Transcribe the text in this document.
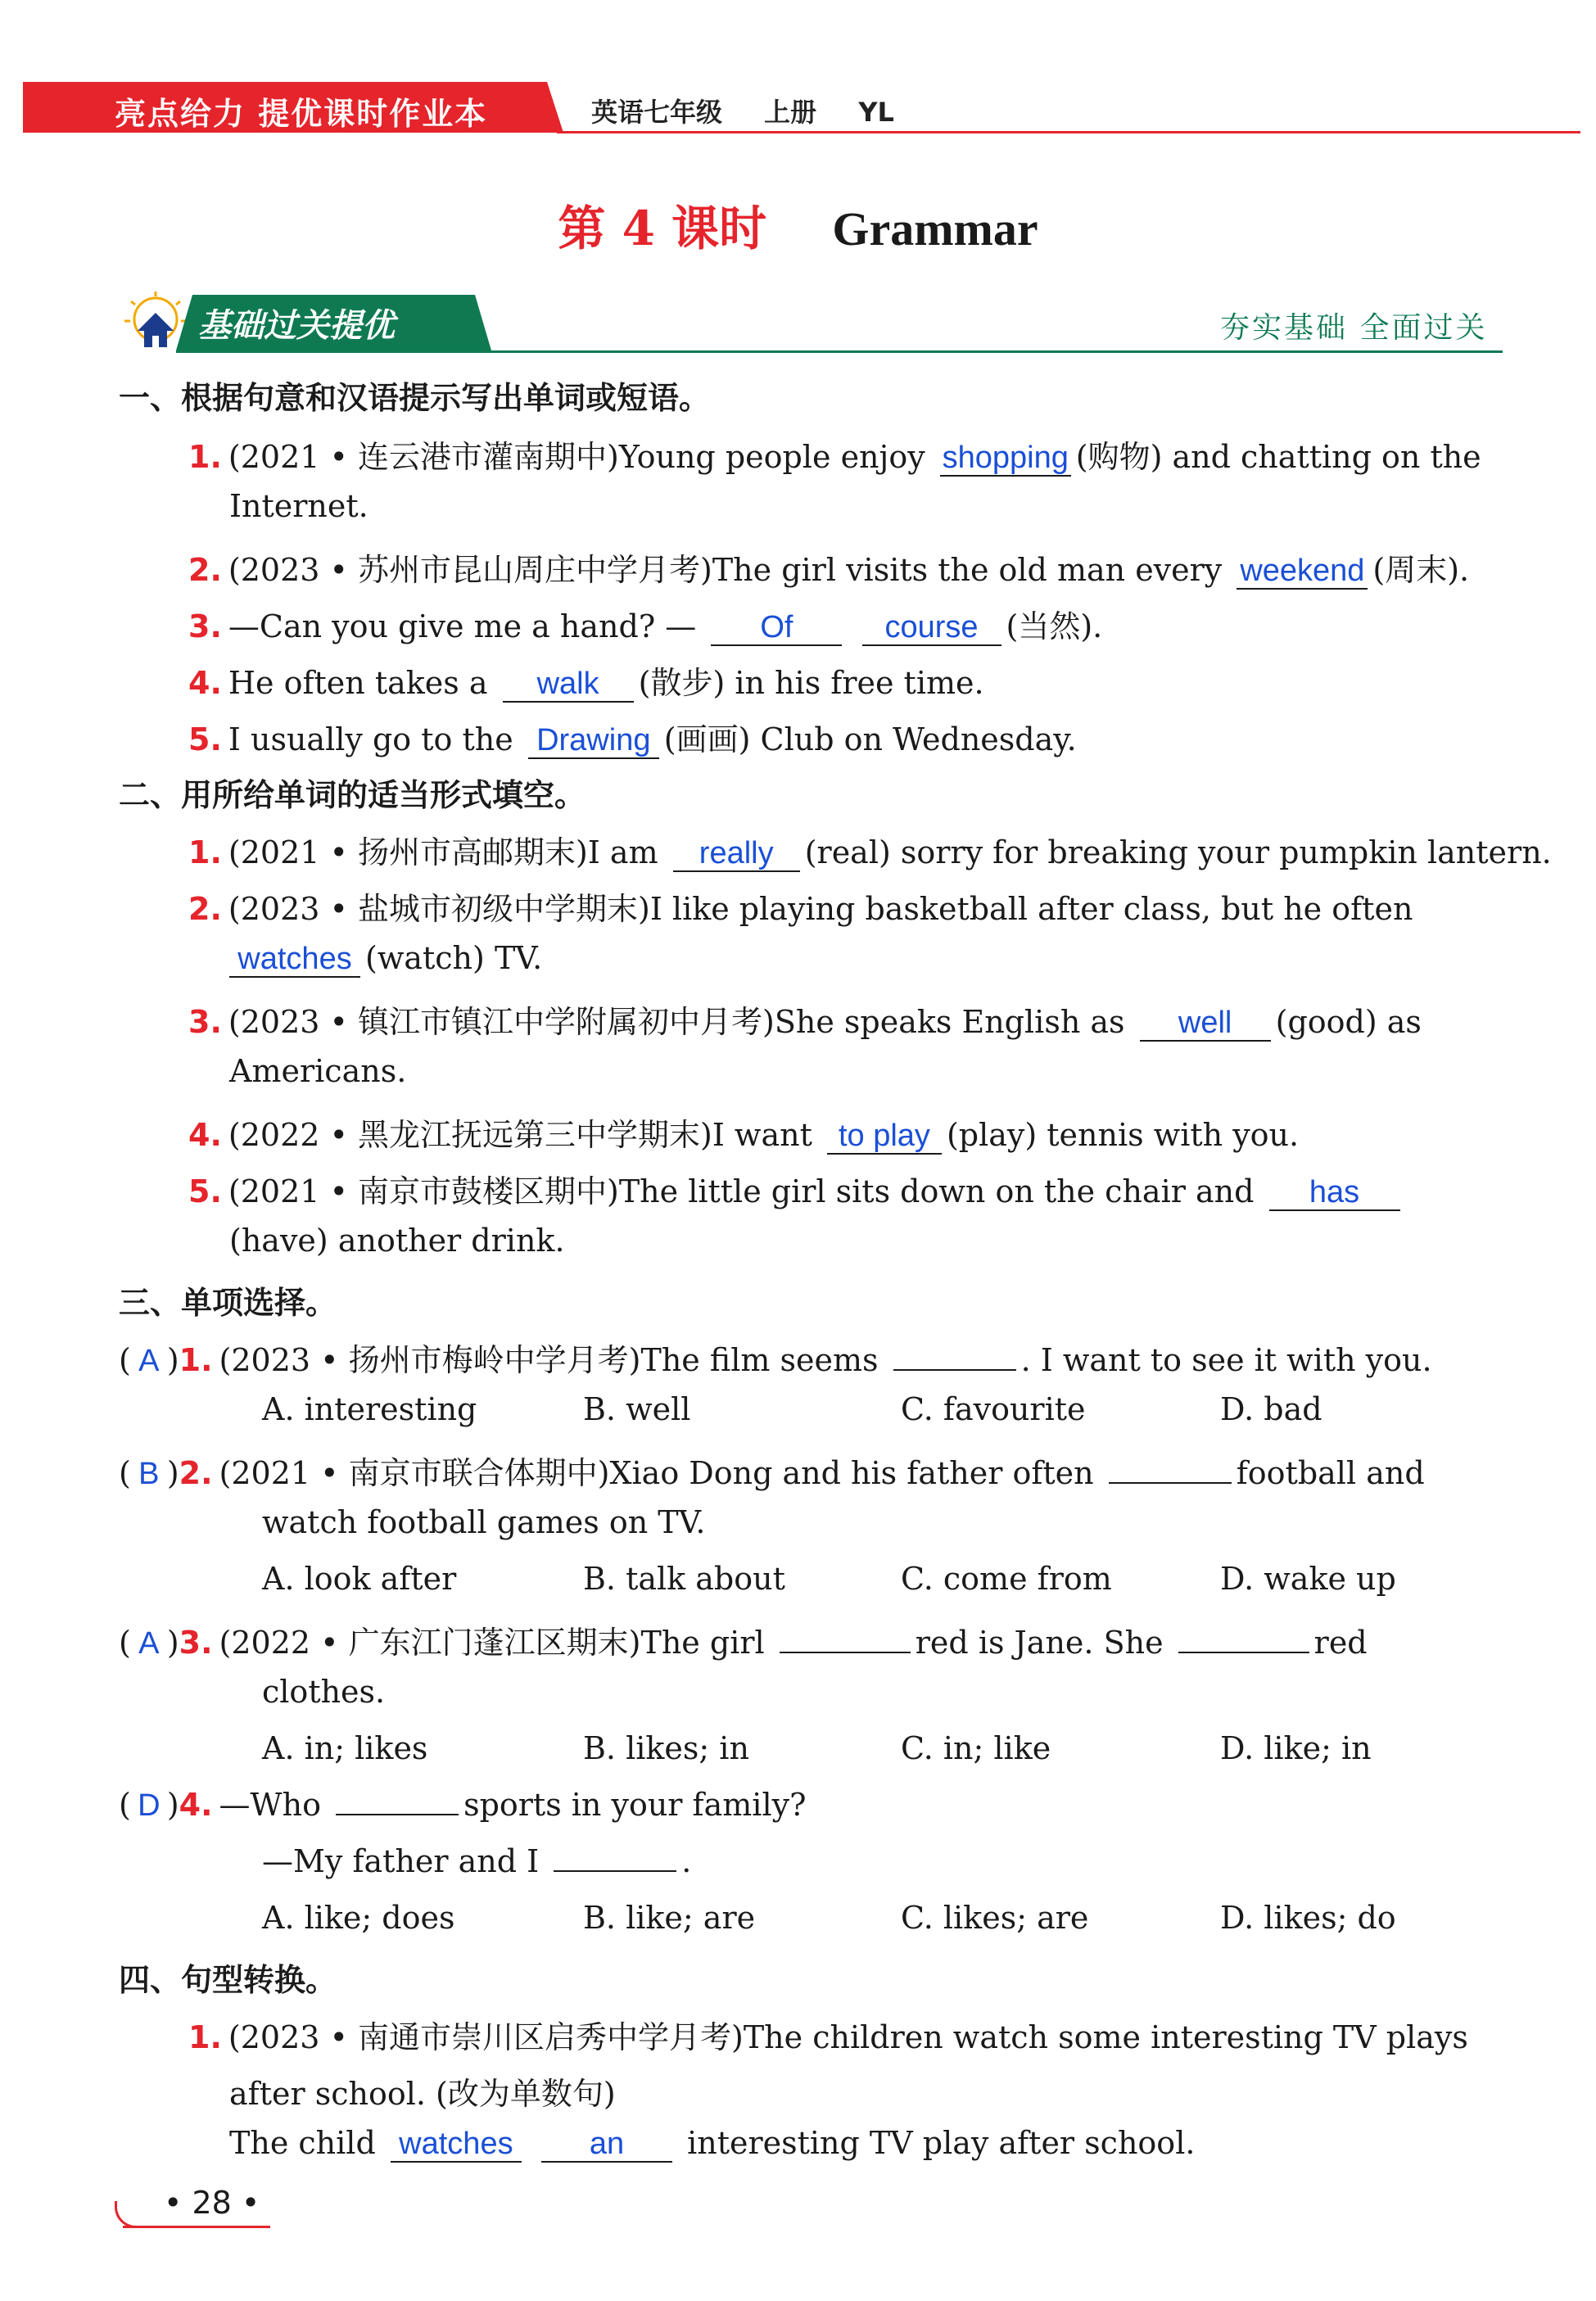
亮点给力 提优课时作业本	英语七年级 上册 YL
第 4 课时 Grammar
基础过关提优	夯实基础 全面过关
一、根据句意和汉语提示写出单词或短语。
1. (2021 • 连云港市灌南期中)Young people enjoy shopping (购物) and chatting on the
Internet.
2. (2023 • 苏州市昆山周庄中学月考)The girl visits the old man every weekend (周末).
3. —Can you give me a hand? — Of	course (当然).
4. He often takes a walk (散步) in his free time.
5. I usually go to the Drawing (画画) Club on Wednesday.
二、用所给单词的适当形式填空。
1. (2021 • 扬州市高邮期末)I am really (real) sorry for breaking your pumpkin lantern.
2. (2023 • 盐城市初级中学期末)I like playing basketball after class, but he often
watches (watch) TV.
3. (2023 • 镇江市镇江中学附属初中月考)She speaks English as well (good) as
Americans.
4. (2022 • 黑龙江抚远第三中学期末)I want to play (play) tennis with you.
5. (2021 • 南京市鼓楼区期中)The little girl sits down on the chair and has
(have) another drink.
三、单项选择。
( A )1. (2023 • 扬州市梅岭中学月考)The film seems	. I want to see it with you.
A. interesting	B. well	C. favourite	D. bad
( B )2. (2021 • 南京市联合体期中)Xiao Dong and his father often	football and
watch football games on TV.
A. look after	B. talk about	C. come from	D. wake up
( A )3. (2022 • 广东江门蓬江区期末)The girl	red is Jane. She	red
clothes.
A. in; likes	B. likes; in	C. in; like	D. like; in
( D )4. —Who	sports in your family?
—My father and I	.
A. like; does	B. like; are	C. likes; are	D. likes; do
四、句型转换。
1. (2023 • 南通市崇川区启秀中学月考)The children watch some interesting TV plays
after school. (改为单数句)
The child watches an interesting TV play after school.
• 28 •
